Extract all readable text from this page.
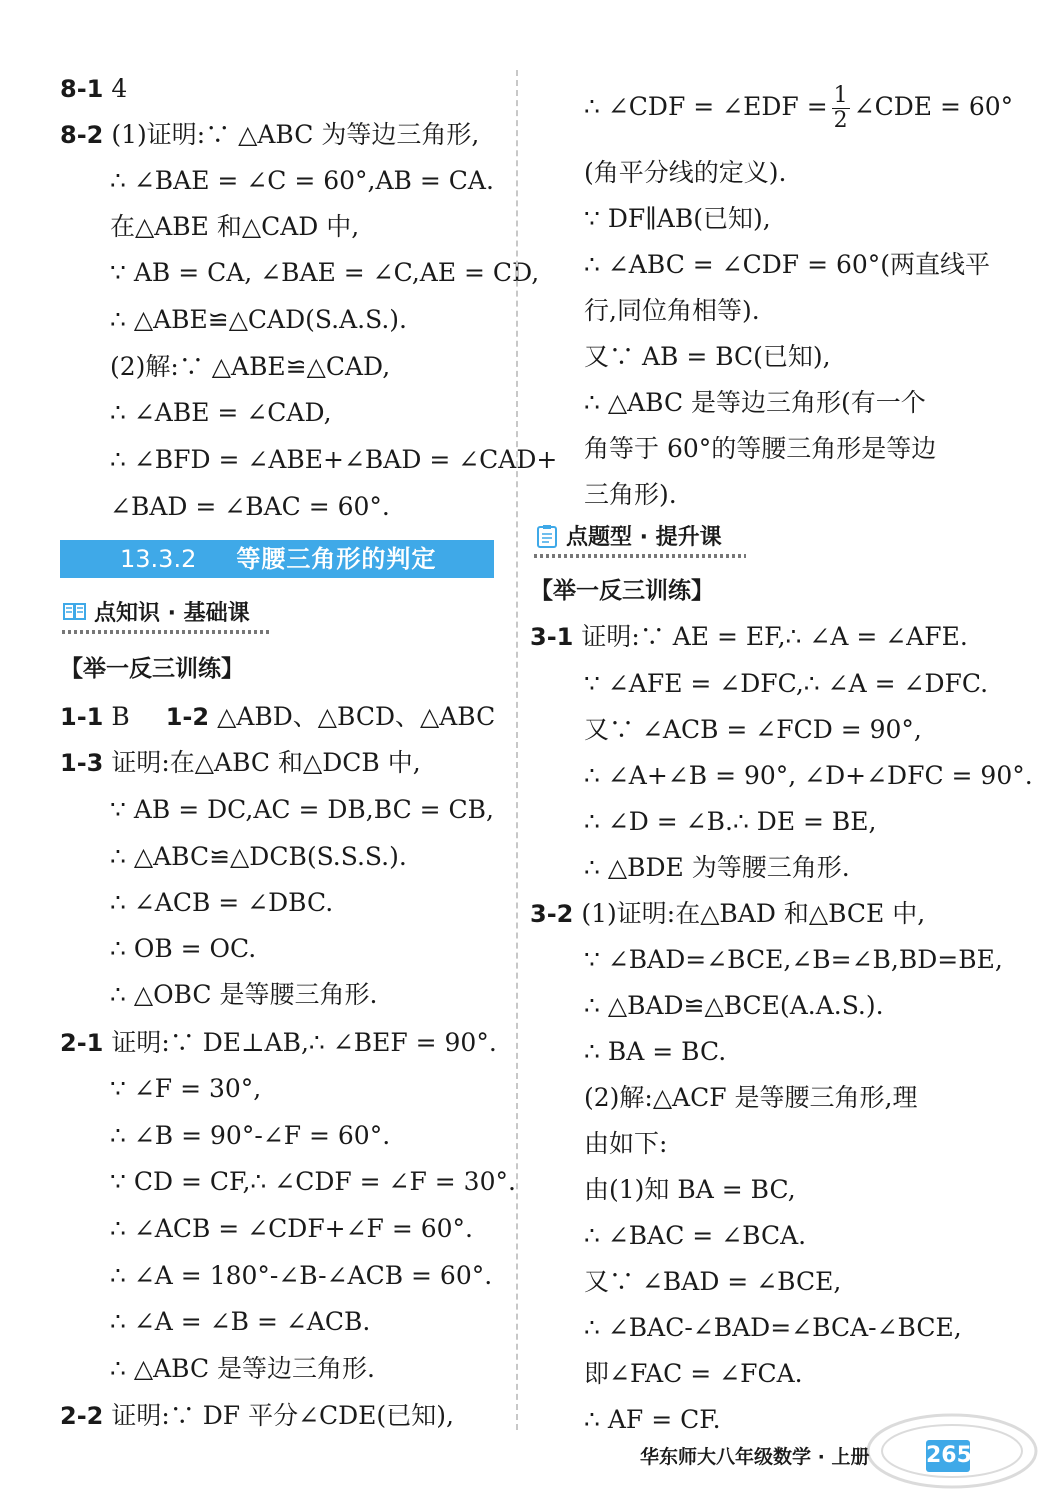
8-1 4
8-2 (1)证明:∵ △ABC 为等边三角形,
∴ ∠BAE = ∠C = 60°,AB = CA.
在△ABE 和△CAD 中,
∵ AB = CA, ∠BAE = ∠C,AE = CD,
∴ △ABE≌△CAD(S.A.S.).
(2)解:∵ △ABE≌△CAD,
∴ ∠ABE = ∠CAD,
∴ ∠BFD = ∠ABE+∠BAD = ∠CAD+
∠BAD = ∠BAC = 60°.
13.3.2 等腰三角形的判定
点知识 · 基础课
【举一反三训练】
1-1 B 1-2 △ABD、△BCD、△ABC
1-3 证明:在△ABC 和△DCB 中,
∵ AB = DC,AC = DB,BC = CB,
∴ △ABC≌△DCB(S.S.S.).
∴ ∠ACB = ∠DBC.
∴ OB = OC.
∴ △OBC 是等腰三角形.
2-1 证明:∵ DE⊥AB,∴ ∠BEF = 90°.
∵ ∠F = 30°,
∴ ∠B = 90°-∠F = 60°.
∵ CD = CF,∴ ∠CDF = ∠F = 30°.
∴ ∠ACB = ∠CDF+∠F = 60°.
∴ ∠A = 180°-∠B-∠ACB = 60°.
∴ ∠A = ∠B = ∠ACB.
∴ △ABC 是等边三角形.
2-2 证明:∵ DF 平分∠CDE(已知),
∴ ∠CDF = ∠EDF = $\frac{1}{2}$ ∠CDE = 60°
(角平分线的定义).
∵ DF∥AB(已知),
∴ ∠ABC = ∠CDF = 60°(两直线平
行,同位角相等).
又∵ AB = BC(已知),
∴ △ABC 是等边三角形(有一个
角等于 60°的等腰三角形是等边
三角形).
点题型 · 提升课
【举一反三训练】
3-1 证明:∵ AE = EF,∴ ∠A = ∠AFE.
∵ ∠AFE = ∠DFC,∴ ∠A = ∠DFC.
又∵ ∠ACB = ∠FCD = 90°,
∴ ∠A+∠B = 90°, ∠D+∠DFC = 90°.
∴ ∠D = ∠B.∴ DE = BE,
∴ △BDE 为等腰三角形.
3-2 (1)证明:在△BAD 和△BCE 中,
∵ ∠BAD=∠BCE,∠B=∠B,BD=BE,
∴ △BAD≌△BCE(A.A.S.).
∴ BA = BC.
(2)解:△ACF 是等腰三角形,理
由如下:
由(1)知 BA = BC,
∴ ∠BAC = ∠BCA.
又∵ ∠BAD = ∠BCE,
∴ ∠BAC-∠BAD=∠BCA-∠BCE,
即∠FAC = ∠FCA.
∴ AF = CF.
华东师大八年级数学 · 上册	265
